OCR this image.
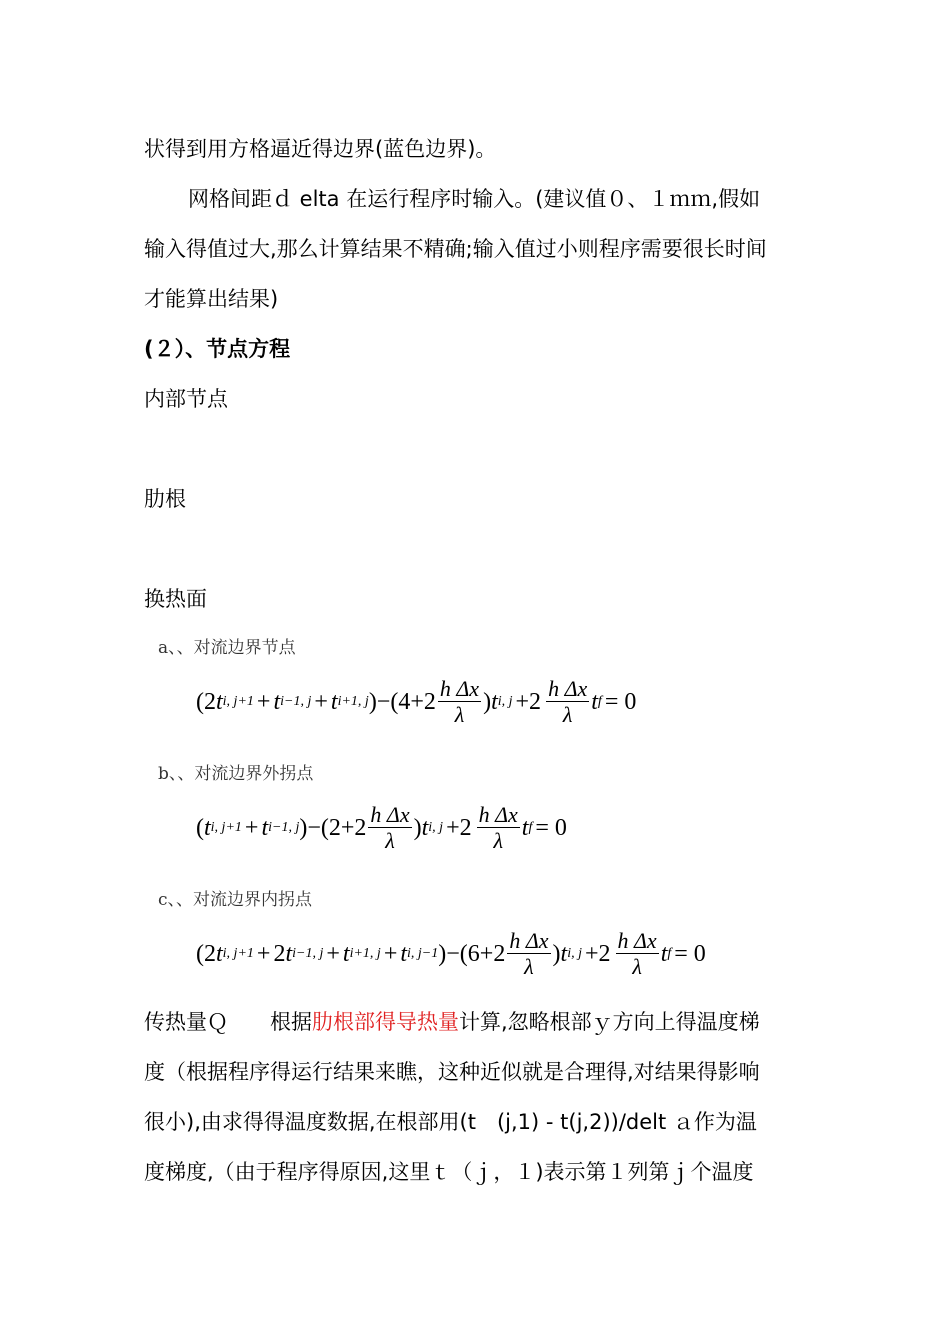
状得到用方格逼近得边界(蓝色边界)。
网格间距ｄ elta 在运行程序时输入。(建议值０、１ｍｍ,假如
输入得值过大,那么计算结果不精确;输入值过小则程序需要很长时间
才能算出结果)
(２）、节点方程
内部节点
肋根
换热面
a、、对流边界节点
(2 t i, j+1 + t i−1, j + t i+1, j )$-(4+2 \frac{\text{h Δx}}{\lambda}$ ) t i, $j +2 \frac{\text{h Δx}}{\lambda}$ t f = 0
b、、对流边界外拐点
( t i, j+1 + t i−1, j )$-(2+2 \frac{\text{h Δx}}{\lambda}$ ) t i, $j +2 \frac{\text{h Δx}}{\lambda}$ t f = 0
c、、对流边界内拐点
(2 t i, j+1 + 2 t i−1, j + t i+1, j + t i, j−1 )$-(6+2 \frac{\text{h Δx}}{\lambda}$ ) t i, $j +2 \frac{\text{h Δx}}{\lambda}$ t f = 0
传热量Ｑ　　根据肋根部得导热量计算,忽略根部ｙ方向上得温度梯
度（根据程序得运行结果来瞧，这种近似就是合理得,对结果得影响
很小),由求得得温度数据,在根部用(t　(j,1) - t(j,2))/delt ａ作为温
度梯度,（由于程序得原因,这里ｔ（ｊ，１)表示第１列第ｊ个温度
